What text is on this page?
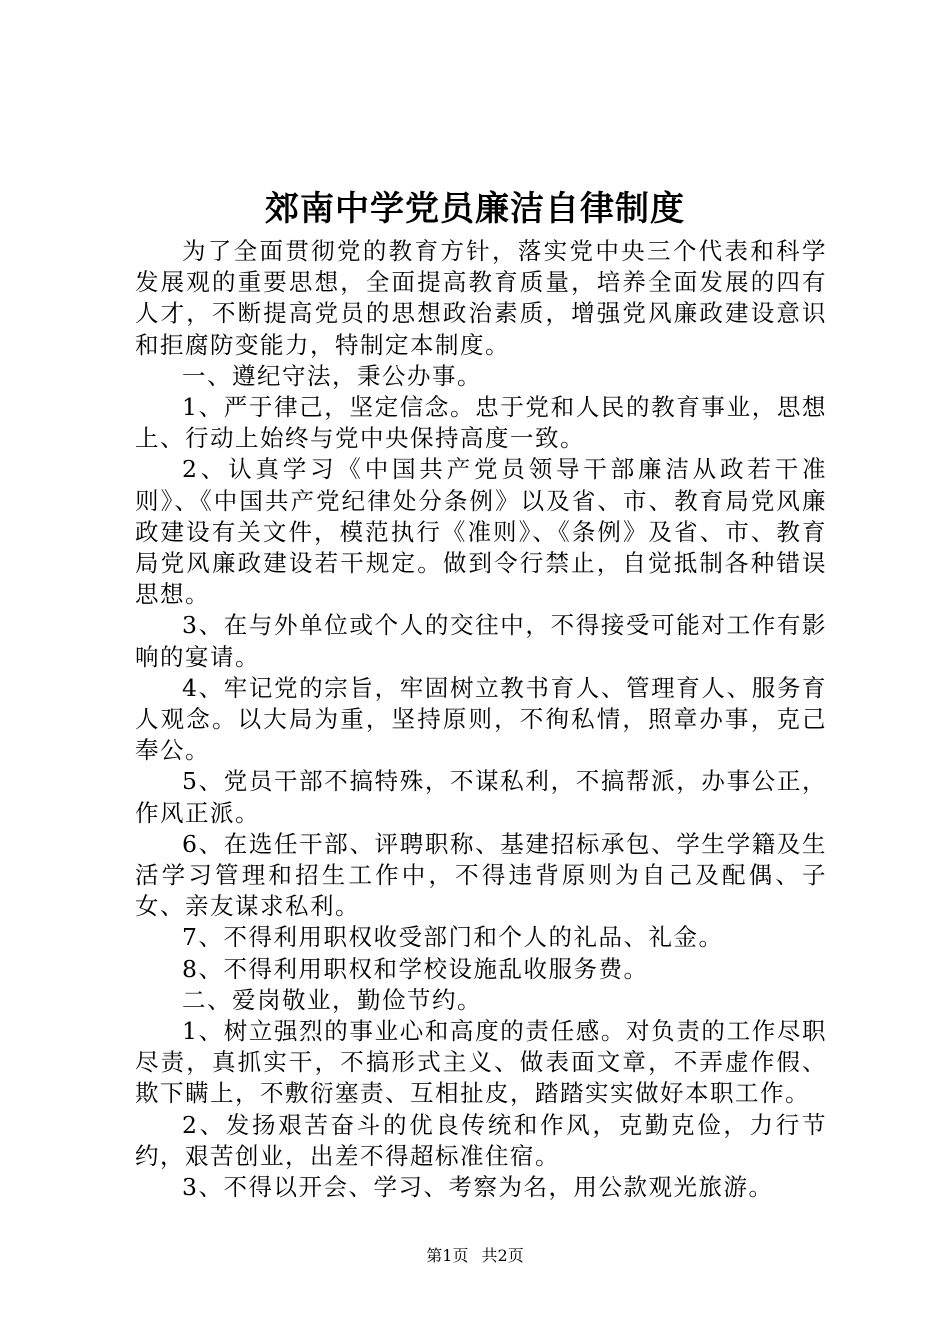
郊南中学党员廉洁自律制度

为了全面贯彻党的教育方针，落实党中央三个代表和科学发展观的重要思想，全面提高教育质量，培养全面发展的四有人才，不断提高党员的思想政治素质，增强党风廉政建设意识和拒腐防变能力，特制定本制度。

一、遵纪守法，秉公办事。

1、严于律己，坚定信念。忠于党和人民的教育事业，思想上、行动上始终与党中央保持高度一致。

2、认真学习《中国共产党员领导干部廉洁从政若干准则》、《中国共产党纪律处分条例》以及省、市、教育局党风廉政建设有关文件，模范执行《准则》、《条例》及省、市、教育局党风廉政建设若干规定。做到令行禁止，自觉抵制各种错误思想。

3、在与外单位或个人的交往中，不得接受可能对工作有影响的宴请。

4、牢记党的宗旨，牢固树立教书育人、管理育人、服务育人观念。以大局为重，坚持原则，不徇私情，照章办事，克己奉公。

5、党员干部不搞特殊，不谋私利，不搞帮派，办事公正，作风正派。

6、在选任干部、评聘职称、基建招标承包、学生学籍及生活学习管理和招生工作中，不得违背原则为自己及配偶、子女、亲友谋求私利。

7、不得利用职权收受部门和个人的礼品、礼金。

8、不得利用职权和学校设施乱收服务费。

二、爱岗敬业，勤俭节约。

1、树立强烈的事业心和高度的责任感。对负责的工作尽职尽责，真抓实干，不搞形式主义、做表面文章，不弄虚作假、欺下瞒上，不敷衍塞责、互相扯皮，踏踏实实做好本职工作。

2、发扬艰苦奋斗的优良传统和作风，克勤克俭，力行节约，艰苦创业，出差不得超标准住宿。

3、不得以开会、学习、考察为名，用公款观光旅游。

第1页 共2页
